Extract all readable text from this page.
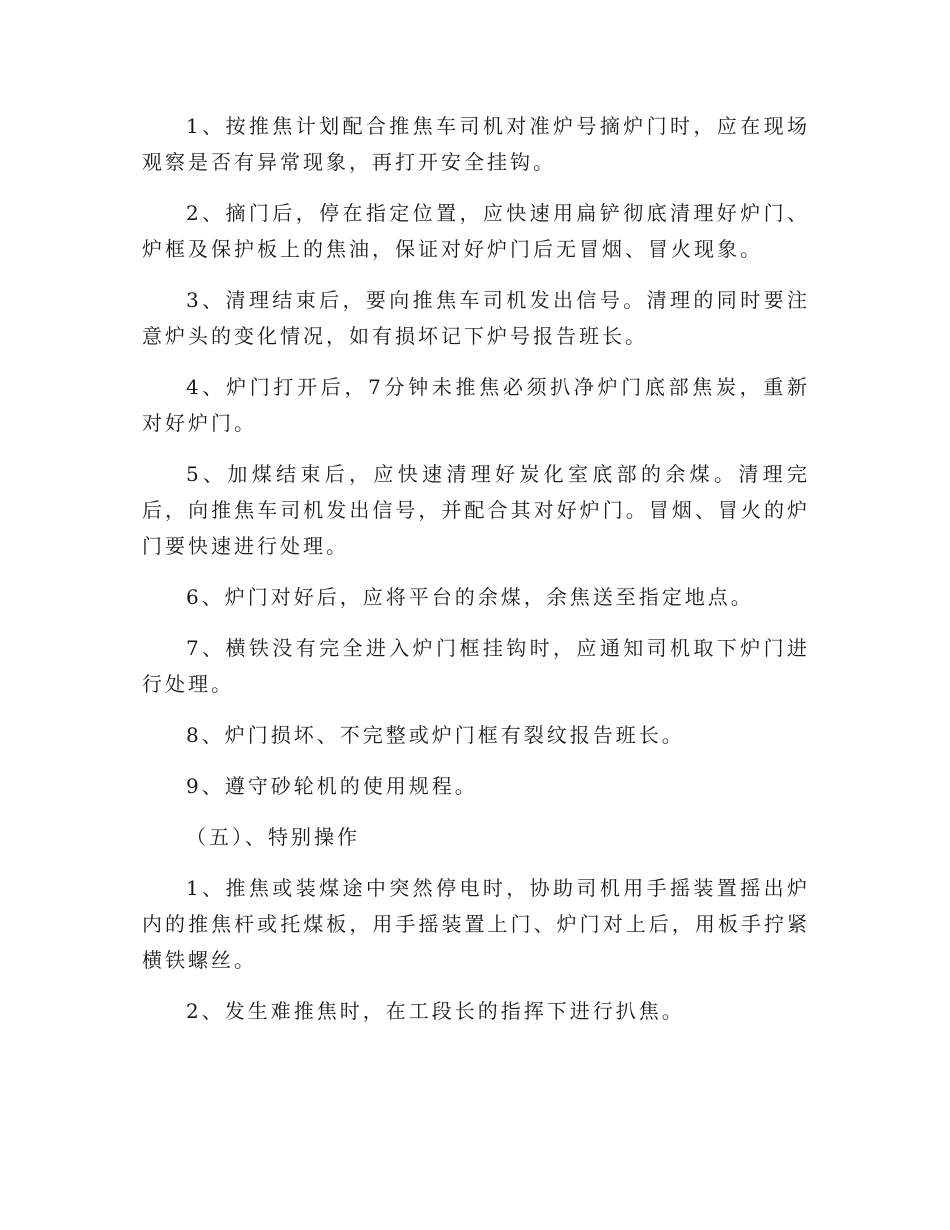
1、按推焦计划配合推焦车司机对准炉号摘炉门时，应在现场观察是否有异常现象，再打开安全挂钩。

2、摘门后，停在指定位置，应快速用扁铲彻底清理好炉门、炉框及保护板上的焦油，保证对好炉门后无冒烟、冒火现象。

3、清理结束后，要向推焦车司机发出信号。清理的同时要注意炉头的变化情况，如有损坏记下炉号报告班长。

4、炉门打开后，7分钟未推焦必须扒净炉门底部焦炭，重新对好炉门。

5、加煤结束后，应快速清理好炭化室底部的余煤。清理完后，向推焦车司机发出信号，并配合其对好炉门。冒烟、冒火的炉门要快速进行处理。

6、炉门对好后，应将平台的余煤，余焦送至指定地点。

7、横铁没有完全进入炉门框挂钩时，应通知司机取下炉门进行处理。

8、炉门损坏、不完整或炉门框有裂纹报告班长。

9、遵守砂轮机的使用规程。

（五）、特别操作

1、推焦或装煤途中突然停电时，协助司机用手摇装置摇出炉内的推焦杆或托煤板，用手摇装置上门、炉门对上后，用板手拧紧横铁螺丝。

2、发生难推焦时，在工段长的指挥下进行扒焦。
